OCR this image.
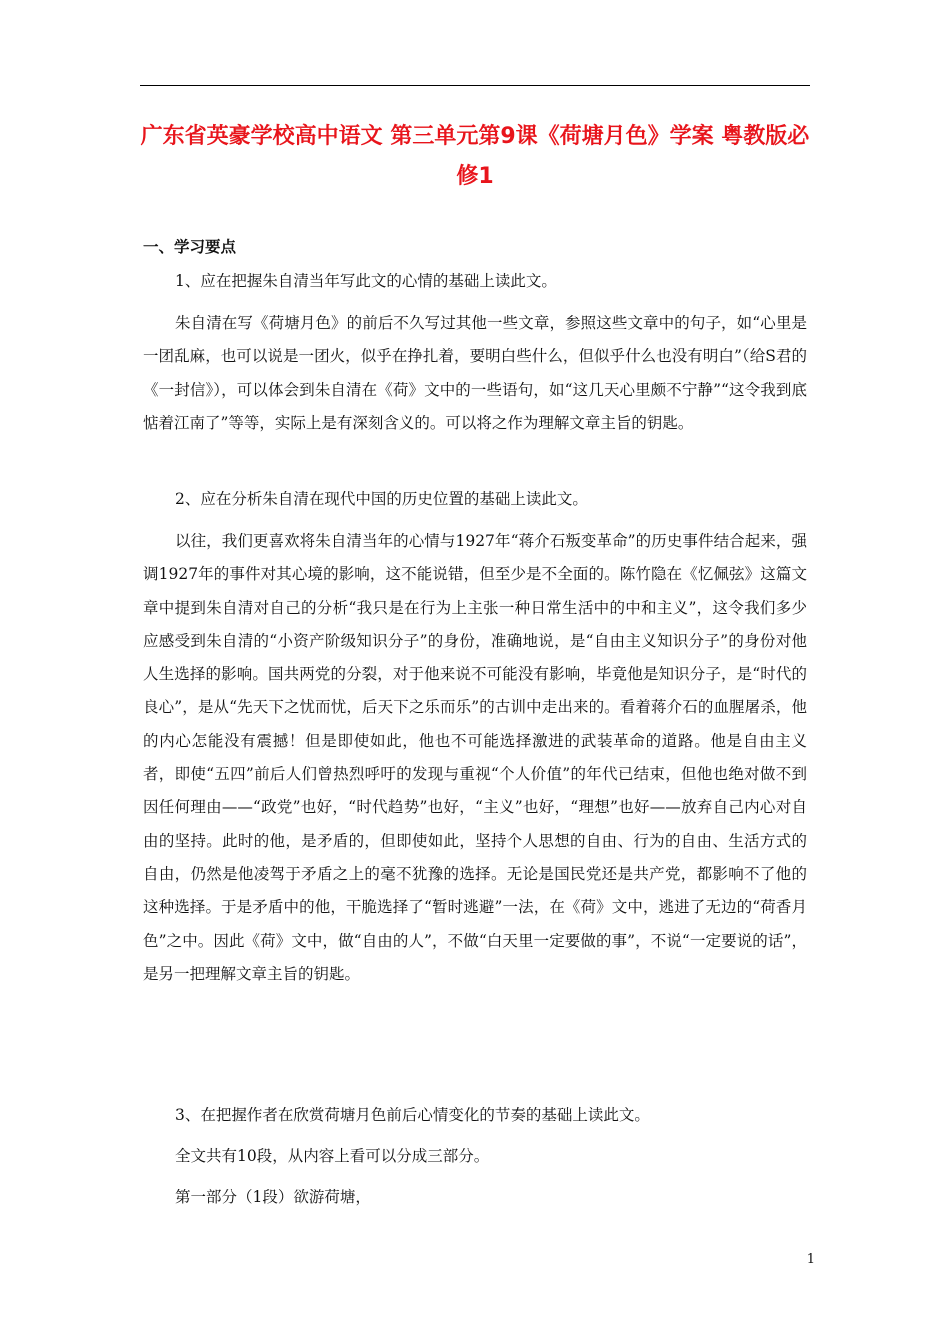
广东省英豪学校高中语文 第三单元第9课《荷塘月色》学案 粤教版必修1
一、学习要点
1、应在把握朱自清当年写此文的心情的基础上读此文。
朱自清在写《荷塘月色》的前后不久写过其他一些文章，参照这些文章中的句子，如“心里是一团乱麻，也可以说是一团火，似乎在挣扎着，要明白些什么，但似乎什么也没有明白”（给S君的《一封信》），可以体会到朱自清在《荷》文中的一些语句，如“这几天心里颇不宁静”“这令我到底惦着江南了”等等，实际上是有深刻含义的。可以将之作为理解文章主旨的钥匙。
2、应在分析朱自清在现代中国的历史位置的基础上读此文。
以往，我们更喜欢将朱自清当年的心情与1927年“蒋介石叛变革命”的历史事件结合起来，强调1927年的事件对其心境的影响，这不能说错，但至少是不全面的。陈竹隐在《忆佩弦》这篇文章中提到朱自清对自己的分析“我只是在行为上主张一种日常生活中的中和主义”，这令我们多少应感受到朱自清的“小资产阶级知识分子”的身份，准确地说，是“自由主义知识分子”的身份对他人生选择的影响。国共两党的分裂，对于他来说不可能没有影响，毕竟他是知识分子，是“时代的良心”，是从“先天下之忧而忧，后天下之乐而乐”的古训中走出来的。看着蒋介石的血腥屠杀，他的内心怎能没有震撼！但是即使如此，他也不可能选择激进的武装革命的道路。他是自由主义者，即使“五四”前后人们曾热烈呼吁的发现与重视“个人价值”的年代已结束，但他也绝对做不到因任何理由——“政党”也好，“时代趋势”也好，“主义”也好，“理想”也好——放弃自己内心对自由的坚持。此时的他，是矛盾的，但即使如此，坚持个人思想的自由、行为的自由、生活方式的自由，仍然是他凌驾于矛盾之上的毫不犹豫的选择。无论是国民党还是共产党，都影响不了他的这种选择。于是矛盾中的他，干脆选择了“暂时逃避”一法，在《荷》文中，逃进了无边的“荷香月色”之中。因此《荷》文中，做“自由的人”，不做“白天里一定要做的事”，不说“一定要说的话”，是另一把理解文章主旨的钥匙。
3、在把握作者在欣赏荷塘月色前后心情变化的节奏的基础上读此文。
全文共有10段，从内容上看可以分成三部分。
第一部分（1段）欲游荷塘，
1
